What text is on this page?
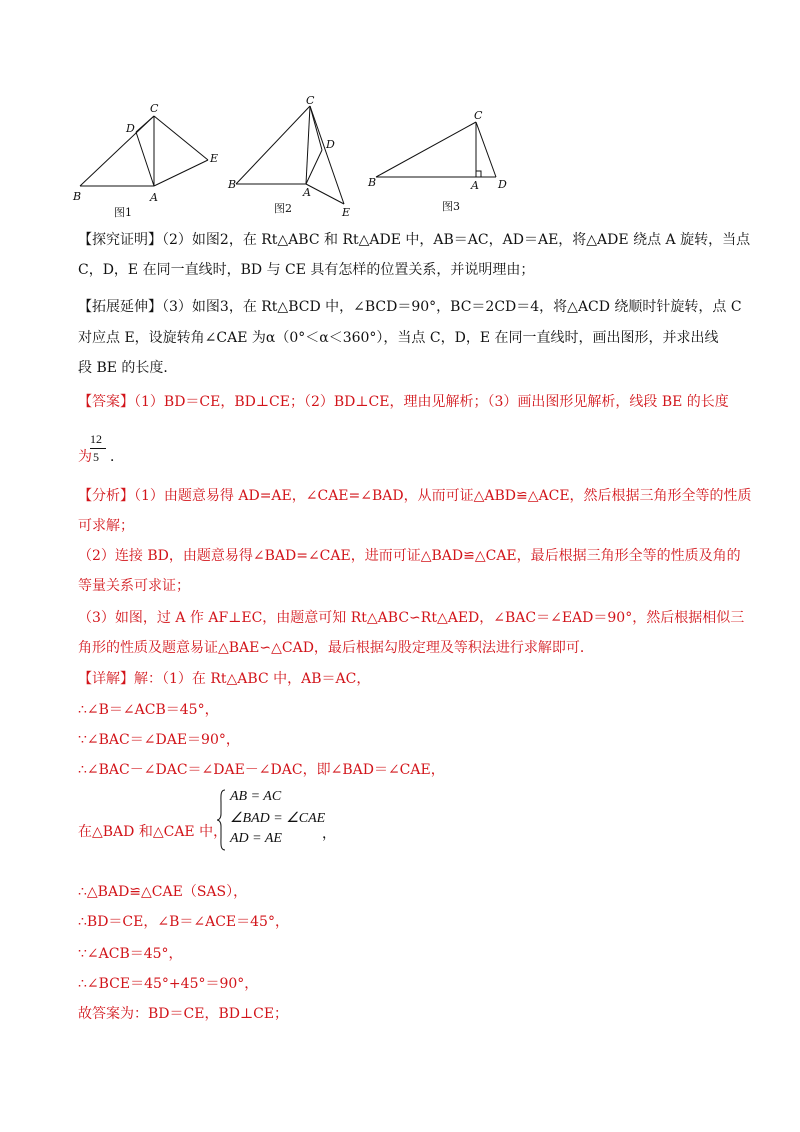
B	A
C
D
E
图1
B
A
C
D
E
图2
B	A
C
D
图3
【探究证明】（2）如图2，在 Rt△ABC 和 Rt△ADE 中，AB＝AC，AD＝AE，将△ADE 绕点 A 旋转，当点
C，D，E 在同一直线时，BD 与 CE 具有怎样的位置关系，并说明理由；
【拓展延伸】（3）如图3，在 Rt△BCD 中，∠BCD＝90°，BC＝2CD＝4，将△ACD 绕顺时针旋转，点 C
对应点 E，设旋转角∠CAE 为α（0°＜α＜360°），当点 C，D，E 在同一直线时，画出图形，并求出线
段 BE 的长度．
【答案】（1）BD＝CE，BD⊥CE；（2）BD⊥CE，理由见解析；（3）画出图形见解析，线段 BE 的长度
为
12
5 ．
【分析】（1）由题意易得 AD=AE，∠CAE=∠BAD，从而可证△ABD≌△ACE，然后根据三角形全等的性质
可求解；
（2）连接 BD，由题意易得∠BAD=∠CAE，进而可证△BAD≌△CAE，最后根据三角形全等的性质及角的
等量关系可求证；
（3）如图，过 A 作 AF⊥EC，由题意可知 Rt△ABC∽Rt△AED，∠BAC＝∠EAD＝90°，然后根据相似三
角形的性质及题意易证△BAE∽△CAD，最后根据勾股定理及等积法进行求解即可．
【详解】解：（1）在 Rt△ABC 中，AB＝AC，
∴∠B＝∠ACB＝45°，
∵∠BAC＝∠DAE＝90°，
∴∠BAC－∠DAC＝∠DAE－∠DAC，即∠BAD＝∠CAE，
在△BAD 和△CAE 中，
AB = AC
∠BAD = ∠CAE
AD = AE	，
∴△BAD≌△CAE（SAS），
∴BD＝CE，∠B＝∠ACE＝45°，
∵∠ACB＝45°，
∴∠BCE＝45°+45°＝90°，
故答案为：BD＝CE，BD⊥CE；
